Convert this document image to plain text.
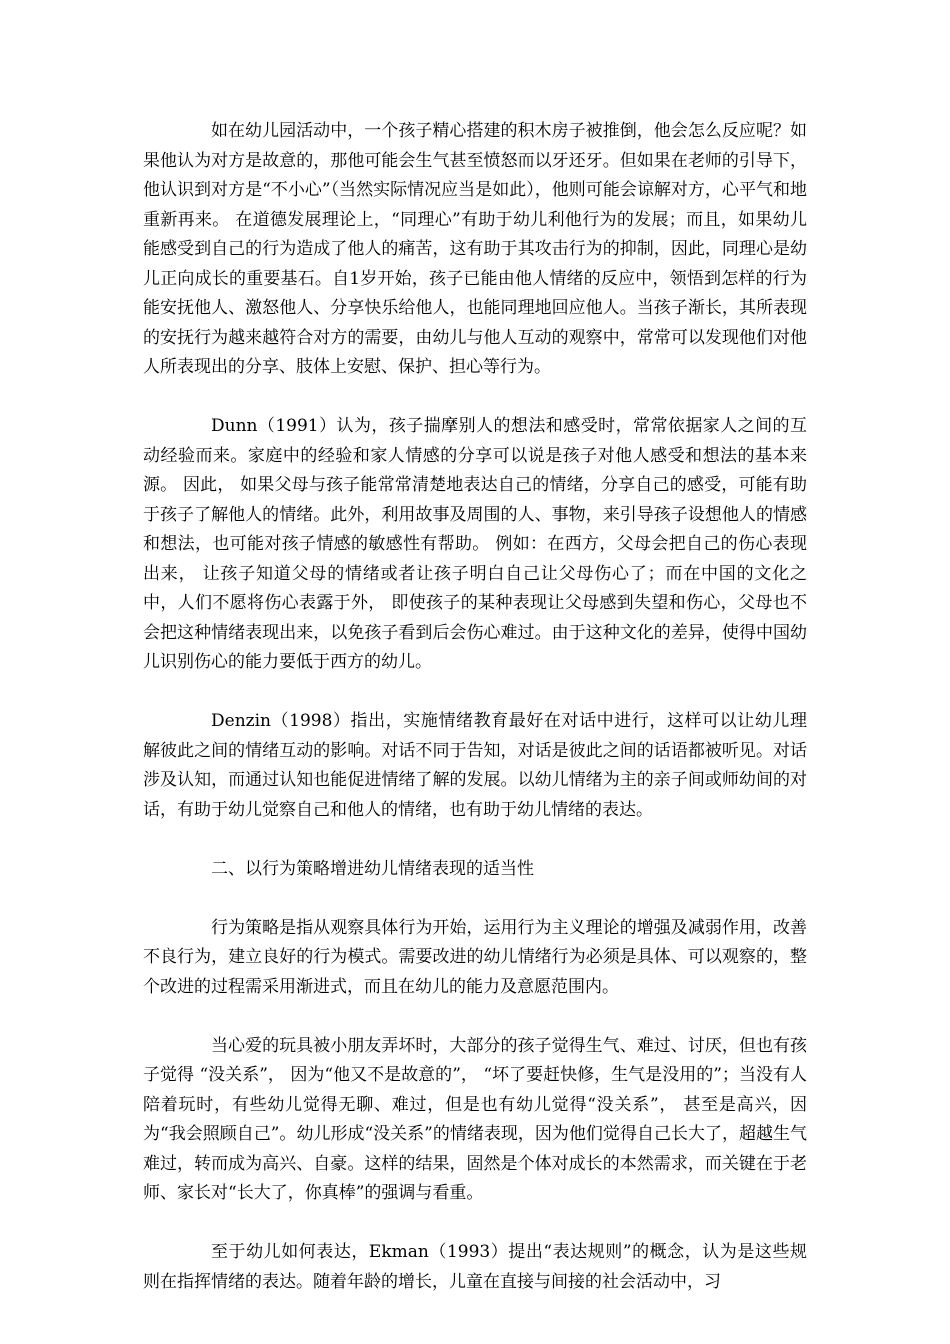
如在幼儿园活动中，一个孩子精心搭建的积木房子被推倒，他会怎么反应呢？如果他认为对方是故意的，那他可能会生气甚至愤怒而以牙还牙。但如果在老师的引导下，他认识到对方是“不小心”（当然实际情况应当是如此），他则可能会谅解对方，心平气和地重新再来。 在道德发展理论上，“同理心”有助于幼儿利他行为的发展；而且，如果幼儿能感受到自己的行为造成了他人的痛苦，这有助于其攻击行为的抑制，因此，同理心是幼儿正向成长的重要基石。自1岁开始，孩子已能由他人情绪的反应中，领悟到怎样的行为能安抚他人、激怒他人、分享快乐给他人，也能同理地回应他人。当孩子渐长，其所表现的安抚行为越来越符合对方的需要，由幼儿与他人互动的观察中，常常可以发现他们对他人所表现出的分享、肢体上安慰、保护、担心等行为。

Dunn（1991）认为，孩子揣摩别人的想法和感受时，常常依据家人之间的互动经验而来。家庭中的经验和家人情感的分享可以说是孩子对他人感受和想法的基本来源。 因此， 如果父母与孩子能常常清楚地表达自己的情绪，分享自己的感受，可能有助于孩子了解他人的情绪。此外，利用故事及周围的人、事物，来引导孩子设想他人的情感和想法，也可能对孩子情感的敏感性有帮助。 例如：在西方，父母会把自己的伤心表现出来， 让孩子知道父母的情绪或者让孩子明白自己让父母伤心了；而在中国的文化之中，人们不愿将伤心表露于外， 即使孩子的某种表现让父母感到失望和伤心，父母也不会把这种情绪表现出来，以免孩子看到后会伤心难过。由于这种文化的差异，使得中国幼儿识别伤心的能力要低于西方的幼儿。

Denzin（1998）指出，实施情绪教育最好在对话中进行，这样可以让幼儿理解彼此之间的情绪互动的影响。对话不同于告知，对话是彼此之间的话语都被听见。对话涉及认知，而通过认知也能促进情绪了解的发展。以幼儿情绪为主的亲子间或师幼间的对话，有助于幼儿觉察自己和他人的情绪，也有助于幼儿情绪的表达。

二、以行为策略增进幼儿情绪表现的适当性

行为策略是指从观察具体行为开始，运用行为主义理论的增强及减弱作用，改善不良行为，建立良好的行为模式。需要改进的幼儿情绪行为必须是具体、可以观察的，整个改进的过程需采用渐进式，而且在幼儿的能力及意愿范围内。

当心爱的玩具被小朋友弄坏时，大部分的孩子觉得生气、难过、讨厌，但也有孩子觉得 “没关系”， 因为“他又不是故意的”， “坏了要赶快修，生气是没用的”；当没有人陪着玩时，有些幼儿觉得无聊、难过，但是也有幼儿觉得“没关系”， 甚至是高兴，因为“我会照顾自己”。幼儿形成“没关系”的情绪表现，因为他们觉得自己长大了，超越生气难过，转而成为高兴、自豪。这样的结果，固然是个体对成长的本然需求，而关键在于老师、家长对“长大了，你真棒”的强调与看重。

至于幼儿如何表达，Ekman（1993）提出“表达规则”的概念，认为是这些规则在指挥情绪的表达。随着年龄的增长，儿童在直接与间接的社会活动中，习
